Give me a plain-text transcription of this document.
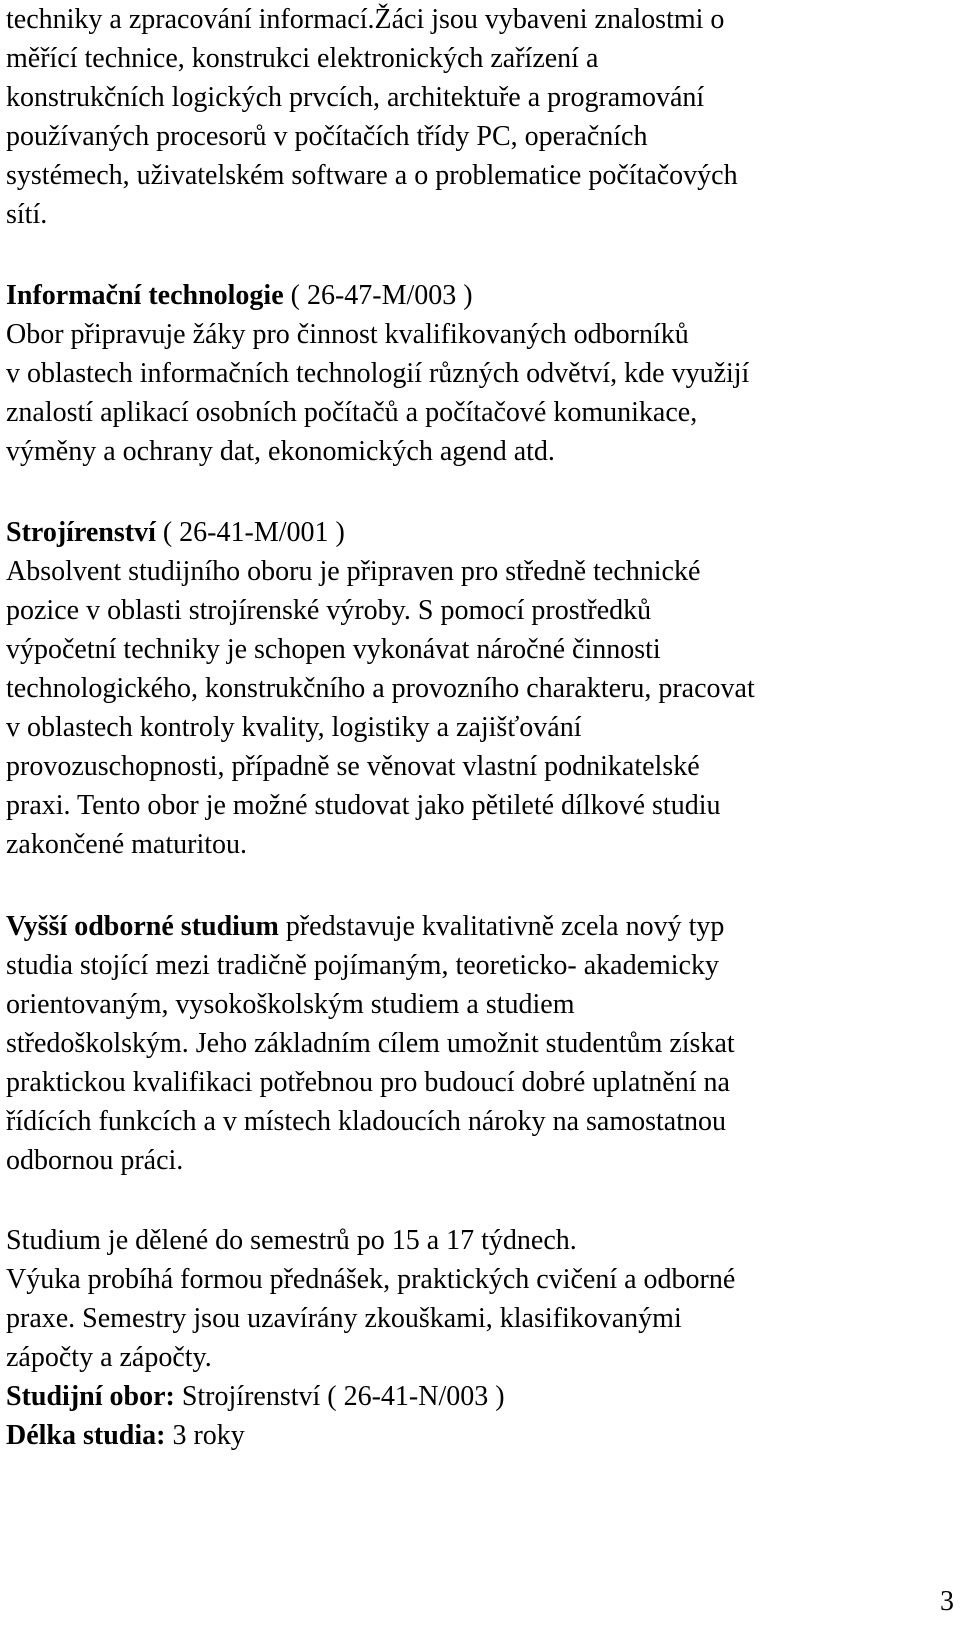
techniky a zpracování informací.Žáci jsou vybaveni znalostmi o
měřící technice, konstrukci elektronických zařízení a
konstrukčních logických prvcích, architektuře a programování
používaných procesorů v počítačích třídy PC, operačních
systémech, uživatelském software a o problematice počítačových
sítí.
Informační technologie ( 26-47-M/003 )
Obor připravuje žáky pro činnost kvalifikovaných odborníků
v oblastech informačních technologií různých odvětví, kde využijí
znalostí aplikací osobních počítačů a počítačové komunikace,
výměny a ochrany dat, ekonomických agend atd.
Strojírenství ( 26-41-M/001 )
Absolvent studijního oboru je připraven pro středně technické
pozice v oblasti strojírenské výroby. S pomocí prostředků
výpočetní techniky je schopen vykonávat náročné činnosti
technologického, konstrukčního a provozního charakteru, pracovat
v oblastech kontroly kvality, logistiky a zajišťování
provozuschopnosti, případně se věnovat vlastní podnikatelské
praxi. Tento obor je možné studovat jako pětileté dílkové studiu
zakončené maturitou.
Vyšší odborné studium představuje kvalitativně zcela nový typ
studia stojící mezi tradičně pojímaným, teoreticko- akademicky
orientovaným, vysokoškolským studiem a studiem
středoškolským. Jeho základním cílem umožnit studentům získat
praktickou kvalifikaci potřebnou pro budoucí dobré uplatnění na
řídících funkcích a v místech kladoucích nároky na samostatnou
odbornou práci.
Studium je dělené do semestrů po 15 a 17 týdnech.
Výuka probíhá formou přednášek, praktických cvičení a odborné
praxe. Semestry jsou uzavírány zkouškami, klasifikovanými
zápočty a zápočty.
Studijní obor: Strojírenství ( 26-41-N/003 )
Délka studia: 3 roky
3
